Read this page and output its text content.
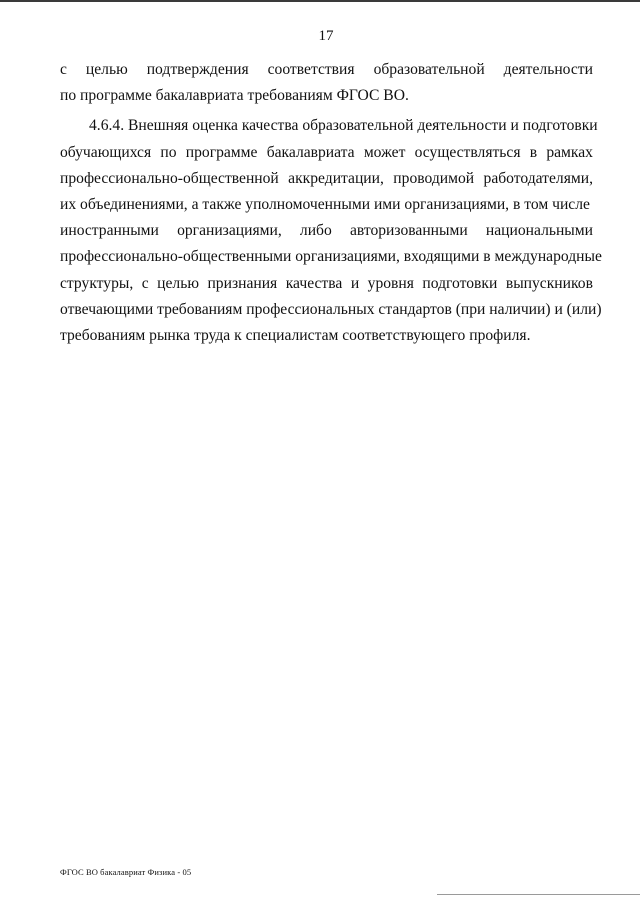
17

с целью подтверждения соответствия образовательной деятельности
по программе бакалавриата требованиям ФГОС ВО.

4.6.4. Внешняя оценка качества образовательной деятельности и подготовки
обучающихся по программе бакалавриата может осуществляться в рамках
профессионально-общественной аккредитации, проводимой работодателями,
их объединениями, а также уполномоченными ими организациями, в том числе
иностранными организациями, либо авторизованными национальными
профессионально-общественными организациями, входящими в международные
структуры, с целью признания качества и уровня подготовки выпускников
отвечающими требованиям профессиональных стандартов (при наличии) и (или)
требованиям рынка труда к специалистам соответствующего профиля.

ФГОС ВО бакалавриат Физика - 05
